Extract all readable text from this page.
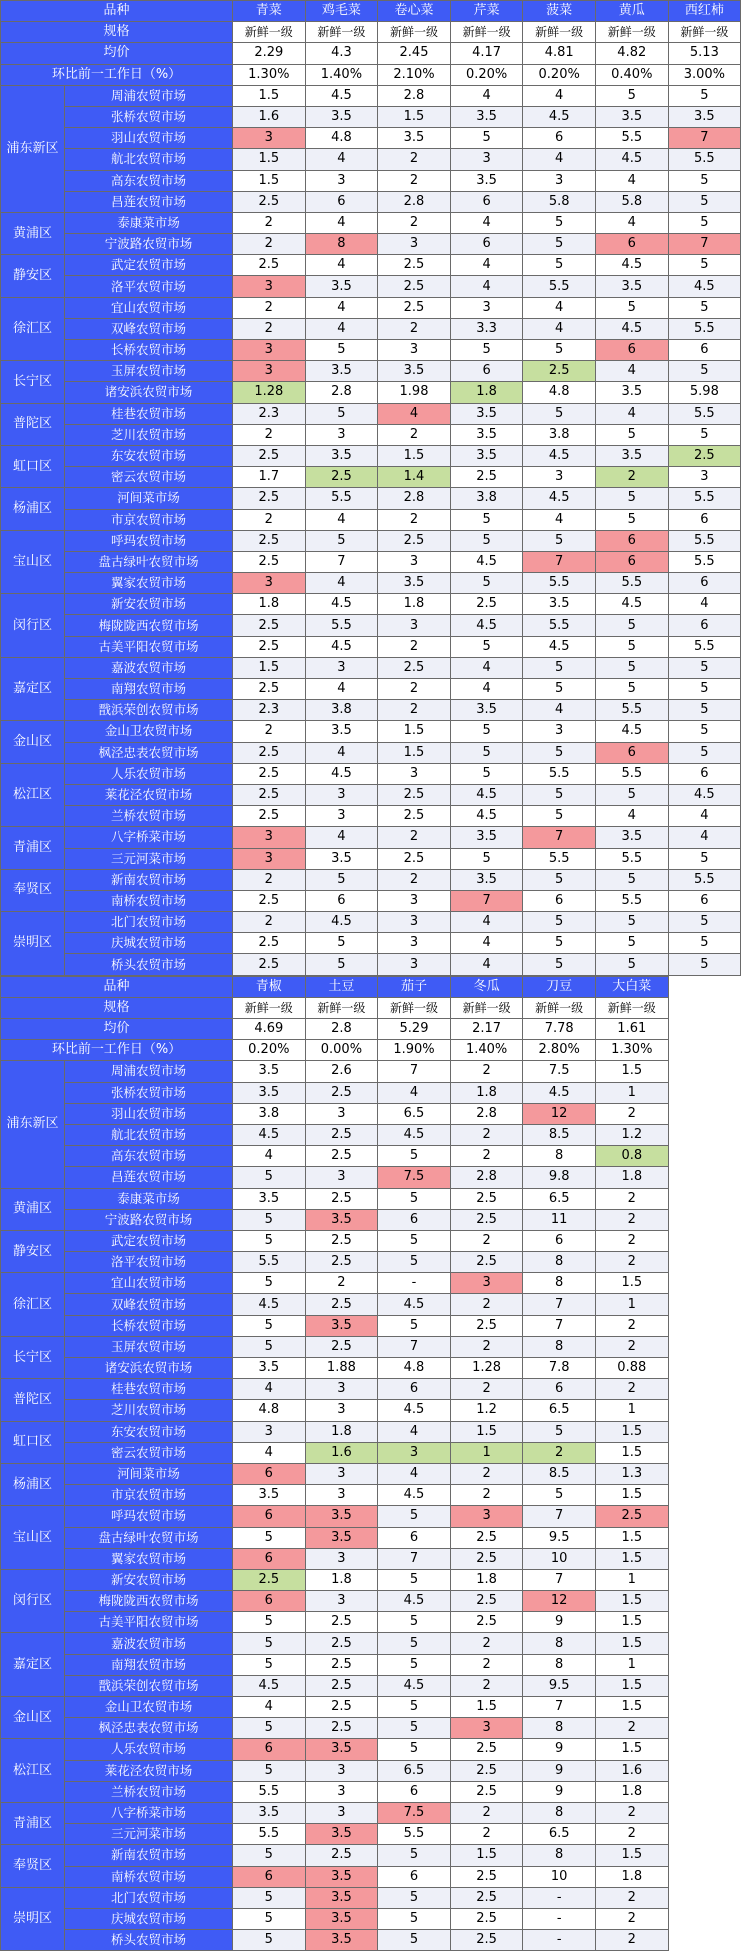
品种		青菜	鸡毛菜	卷心菜	芹菜	菠菜	黄瓜	西红柿
规格		新鲜一级	新鲜一级	新鲜一级	新鲜一级	新鲜一级	新鲜一级	新鲜一级
均价		2.29	4.3	2.45	4.17	4.81	4.82	5.13
环比前一工作日（%）		1.30%	1.40%	2.10%	0.20%	0.20%	0.40%	3.00%
浦东新区	周浦农贸市场	1.5	4.5	2.8	4	4	5	5
	张桥农贸市场	1.6	3.5	1.5	3.5	4.5	3.5	3.5
	羽山农贸市场	3	4.8	3.5	5	6	5.5	7
	航北农贸市场	1.5	4	2	3	4	4.5	5.5
	高东农贸市场	1.5	3	2	3.5	3	4	5
	昌莲农贸市场	2.5	6	2.8	6	5.8	5.8	5
黄浦区	泰康菜市场	2	4	2	4	5	4	5
	宁波路农贸市场	2	8	3	6	5	6	7
静安区	武定农贸市场	2.5	4	2.5	4	5	4.5	5
	洛平农贸市场	3	3.5	2.5	4	5.5	3.5	4.5
徐汇区	宜山农贸市场	2	4	2.5	3	4	5	5
	双峰农贸市场	2	4	2	3.3	4	4.5	5.5
	长桥农贸市场	3	5	3	5	5	6	6
长宁区	玉屏农贸市场	3	3.5	3.5	6	2.5	4	5
	诸安浜农贸市场	1.28	2.8	1.98	1.8	4.8	3.5	5.98
普陀区	桂巷农贸市场	2.3	5	4	3.5	5	4	5.5
	芝川农贸市场	2	3	2	3.5	3.8	5	5
虹口区	东安农贸市场	2.5	3.5	1.5	3.5	4.5	3.5	2.5
	密云农贸市场	1.7	2.5	1.4	2.5	3	2	3
杨浦区	河间菜市场	2.5	5.5	2.8	3.8	4.5	5	5.5
	市京农贸市场	2	4	2	5	4	5	6
宝山区	呼玛农贸市场	2.5	5	2.5	5	5	6	5.5
	盘古绿叶农贸市场	2.5	7	3	4.5	7	6	5.5
	翼家农贸市场	3	4	3.5	5	5.5	5.5	6
闵行区	新安农贸市场	1.8	4.5	1.8	2.5	3.5	4.5	4
	梅陇陇西农贸市场	2.5	5.5	3	4.5	5.5	5	6
	古美平阳农贸市场	2.5	4.5	2	5	4.5	5	5.5
嘉定区	嘉波农贸市场	1.5	3	2.5	4	5	5	5
	南翔农贸市场	2.5	4	2	4	5	5	5
	戬浜荣创农贸市场	2.3	3.8	2	3.5	4	5.5	5
金山区	金山卫农贸市场	2	3.5	1.5	5	3	4.5	5
	枫泾忠表农贸市场	2.5	4	1.5	5	5	6	5
松江区	人乐农贸市场	2.5	4.5	3	5	5.5	5.5	6
	莱花泾农贸市场	2.5	3	2.5	4.5	5	5	4.5
	兰桥农贸市场	2.5	3	2.5	4.5	5	4	4
青浦区	八字桥菜市场	3	4	2	3.5	7	3.5	4
	三元河菜市场	3	3.5	2.5	5	5.5	5.5	5
奉贤区	新南农贸市场	2	5	2	3.5	5	5	5.5
	南桥农贸市场	2.5	6	3	7	6	5.5	6
崇明区	北门农贸市场	2	4.5	3	4	5	5	5
	庆城农贸市场	2.5	5	3	4	5	5	5
	桥头农贸市场	2.5	5	3	4	5	5	5
品种		青椒	土豆	茄子	冬瓜	刀豆	大白菜
规格		新鲜一级	新鲜一级	新鲜一级	新鲜一级	新鲜一级	新鲜一级
均价		4.69	2.8	5.29	2.17	7.78	1.61
环比前一工作日（%）		0.20%	0.00%	1.90%	1.40%	2.80%	1.30%
浦东新区	周浦农贸市场	3.5	2.6	7	2	7.5	1.5
	张桥农贸市场	3.5	2.5	4	1.8	4.5	1
	羽山农贸市场	3.8	3	6.5	2.8	12	2
	航北农贸市场	4.5	2.5	4.5	2	8.5	1.2
	高东农贸市场	4	2.5	5	2	8	0.8
	昌莲农贸市场	5	3	7.5	2.8	9.8	1.8
黄浦区	泰康菜市场	3.5	2.5	5	2.5	6.5	2
	宁波路农贸市场	5	3.5	6	2.5	11	2
静安区	武定农贸市场	5	2.5	5	2	6	2
	洛平农贸市场	5.5	2.5	5	2.5	8	2
徐汇区	宜山农贸市场	5	2	-	3	8	1.5
	双峰农贸市场	4.5	2.5	4.5	2	7	1
	长桥农贸市场	5	3.5	5	2.5	7	2
长宁区	玉屏农贸市场	5	2.5	7	2	8	2
	诸安浜农贸市场	3.5	1.88	4.8	1.28	7.8	0.88
普陀区	桂巷农贸市场	4	3	6	2	6	2
	芝川农贸市场	4.8	3	4.5	1.2	6.5	1
虹口区	东安农贸市场	3	1.8	4	1.5	5	1.5
	密云农贸市场	4	1.6	3	1	2	1.5
杨浦区	河间菜市场	6	3	4	2	8.5	1.3
	市京农贸市场	3.5	3	4.5	2	5	1.5
宝山区	呼玛农贸市场	6	3.5	5	3	7	2.5
	盘古绿叶农贸市场	5	3.5	6	2.5	9.5	1.5
	翼家农贸市场	6	3	7	2.5	10	1.5
闵行区	新安农贸市场	2.5	1.8	5	1.8	7	1
	梅陇陇西农贸市场	6	3	4.5	2.5	12	1.5
	古美平阳农贸市场	5	2.5	5	2.5	9	1.5
嘉定区	嘉波农贸市场	5	2.5	5	2	8	1.5
	南翔农贸市场	5	2.5	5	2	8	1
	戬浜荣创农贸市场	4.5	2.5	4.5	2	9.5	1.5
金山区	金山卫农贸市场	4	2.5	5	1.5	7	1.5
	枫泾忠表农贸市场	5	2.5	5	3	8	2
松江区	人乐农贸市场	6	3.5	5	2.5	9	1.5
	莱花泾农贸市场	5	3	6.5	2.5	9	1.6
	兰桥农贸市场	5.5	3	6	2.5	9	1.8
青浦区	八字桥菜市场	3.5	3	7.5	2	8	2
	三元河菜市场	5.5	3.5	5.5	2	6.5	2
奉贤区	新南农贸市场	5	2.5	5	1.5	8	1.5
	南桥农贸市场	6	3.5	6	2.5	10	1.8
崇明区	北门农贸市场	5	3.5	5	2.5	-	2
	庆城农贸市场	5	3.5	5	2.5	-	2
	桥头农贸市场	5	3.5	5	2.5	-	2
